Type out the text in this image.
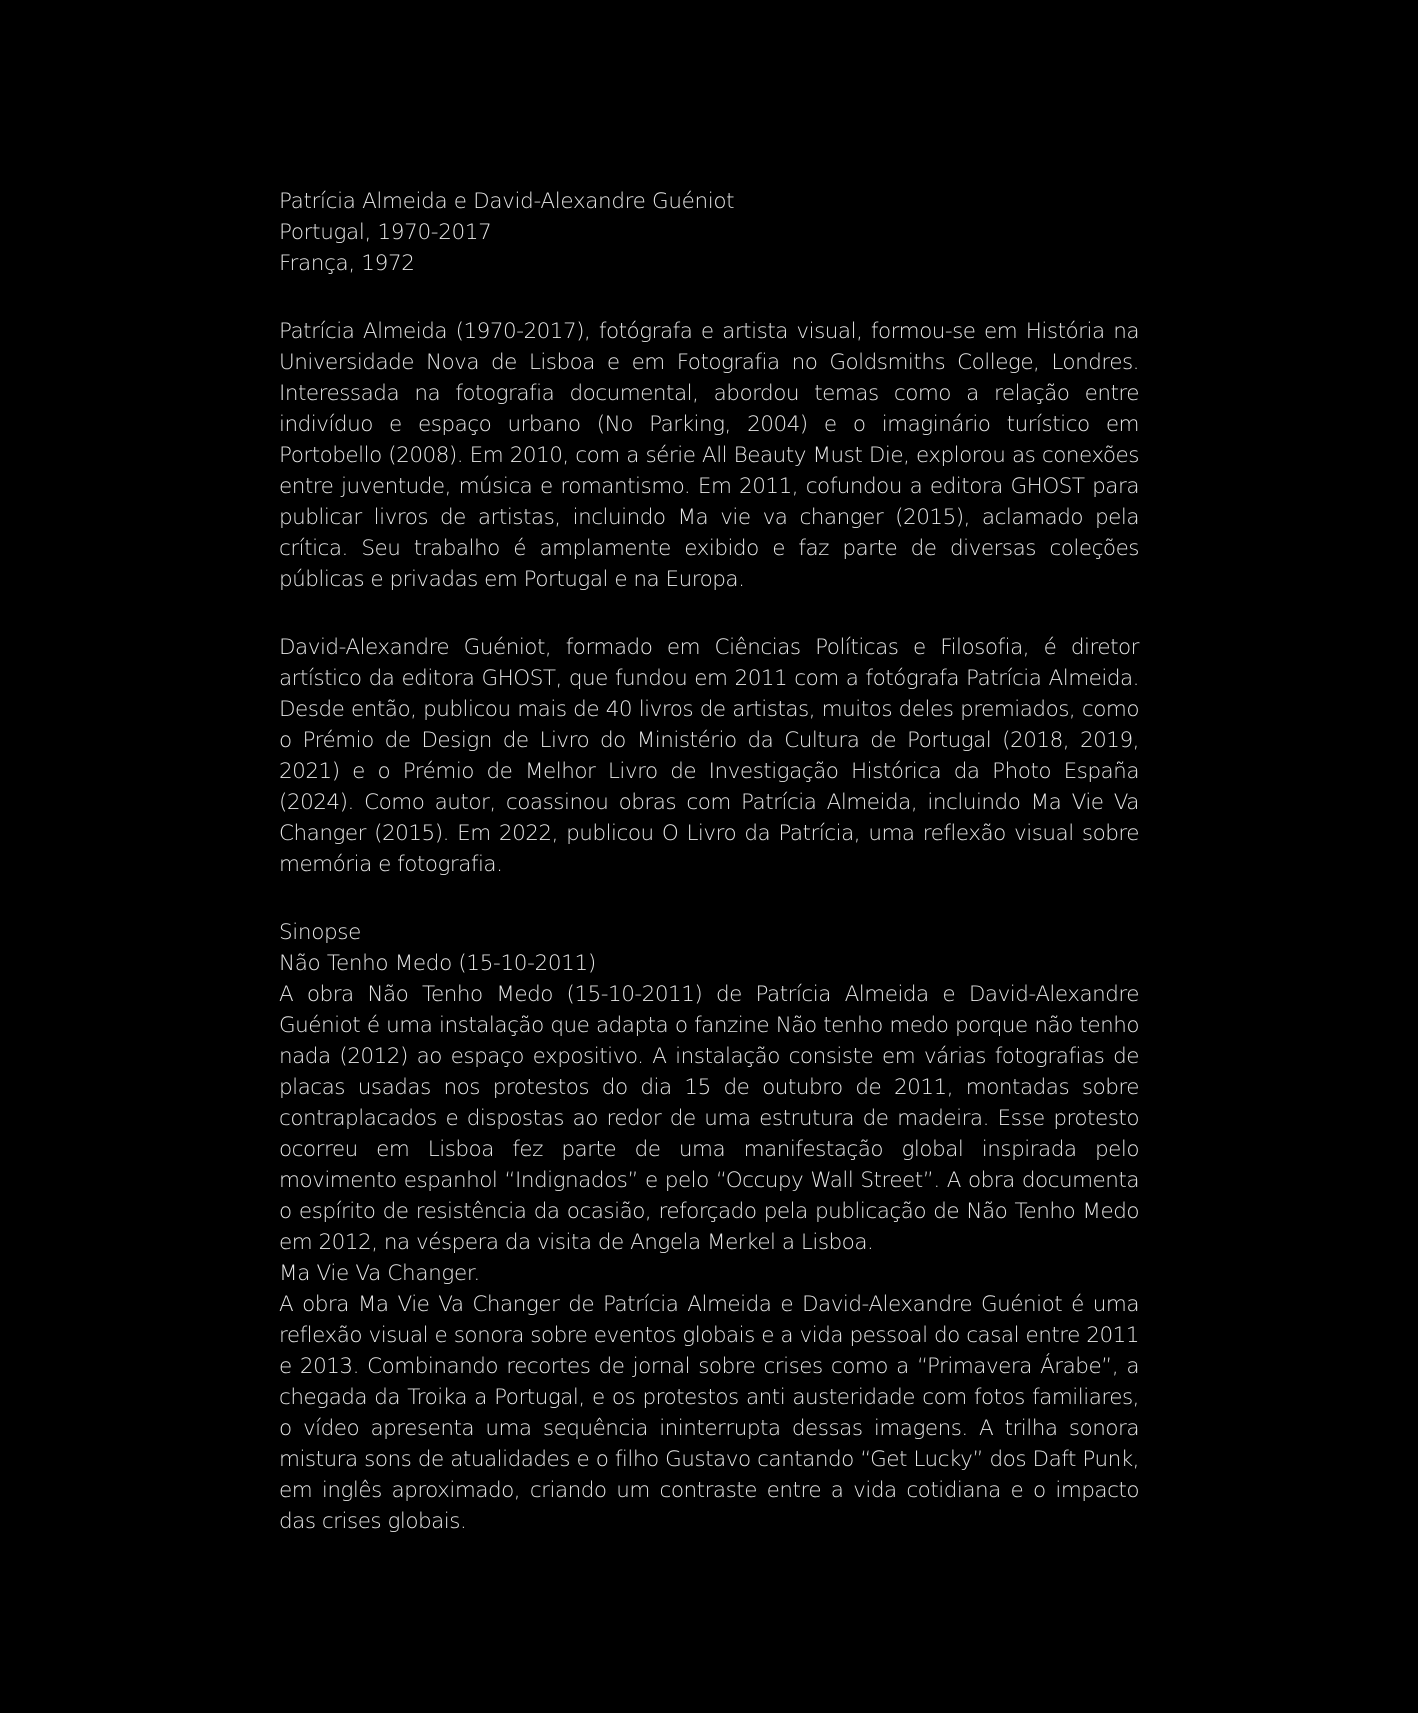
Patrícia Almeida e David-Alexandre Guéniot

Portugal, 1970-2017

França, 1972

Patrícia Almeida (1970-2017), fotógrafa e artista visual, formou-se em História na Universidade Nova de Lisboa e em Fotografia no Goldsmiths College, Londres. Interessada na fotografia documental, abordou temas como a relação entre indivíduo e espaço urbano (No Parking, 2004) e o imaginário turístico em Portobello (2008). Em 2010, com a série All Beauty Must Die, explorou as conexões entre juventude, música e romantismo. Em 2011, cofundou a editora GHOST para publicar livros de artistas, incluindo Ma vie va changer (2015), aclamado pela crítica. Seu trabalho é amplamente exibido e faz parte de diversas coleções públicas e privadas em Portugal e na Europa.

David-Alexandre Guéniot, formado em Ciências Políticas e Filosofia, é diretor artístico da editora GHOST, que fundou em 2011 com a fotógrafa Patrícia Almeida. Desde então, publicou mais de 40 livros de artistas, muitos deles premiados, como o Prémio de Design de Livro do Ministério da Cultura de Portugal (2018, 2019, 2021) e o Prémio de Melhor Livro de Investigação Histórica da Photo España (2024). Como autor, coassinou obras com Patrícia Almeida, incluindo Ma Vie Va Changer (2015). Em 2022, publicou O Livro da Patrícia, uma reflexão visual sobre memória e fotografia.

Sinopse

Não Tenho Medo (15-10-2011)

A obra Não Tenho Medo (15-10-2011) de Patrícia Almeida e David-Alexandre Guéniot é uma instalação que adapta o fanzine Não tenho medo porque não tenho nada (2012) ao espaço expositivo. A instalação consiste em várias fotografias de placas usadas nos protestos do dia 15 de outubro de 2011, montadas sobre contraplacados e dispostas ao redor de uma estrutura de madeira. Esse protesto ocorreu em Lisboa fez parte de uma manifestação global inspirada pelo movimento espanhol “Indignados” e pelo “Occupy Wall Street”. A obra documenta o espírito de resistência da ocasião, reforçado pela publicação de Não Tenho Medo em 2012, na véspera da visita de Angela Merkel a Lisboa.

Ma Vie Va Changer.

A obra Ma Vie Va Changer de Patrícia Almeida e David-Alexandre Guéniot é uma reflexão visual e sonora sobre eventos globais e a vida pessoal do casal entre 2011 e 2013. Combinando recortes de jornal sobre crises como a “Primavera Árabe”, a chegada da Troika a Portugal, e os protestos anti austeridade com fotos familiares, o vídeo apresenta uma sequência ininterrupta dessas imagens. A trilha sonora mistura sons de atualidades e o filho Gustavo cantando “Get Lucky” dos Daft Punk, em inglês aproximado, criando um contraste entre a vida cotidiana e o impacto das crises globais.
